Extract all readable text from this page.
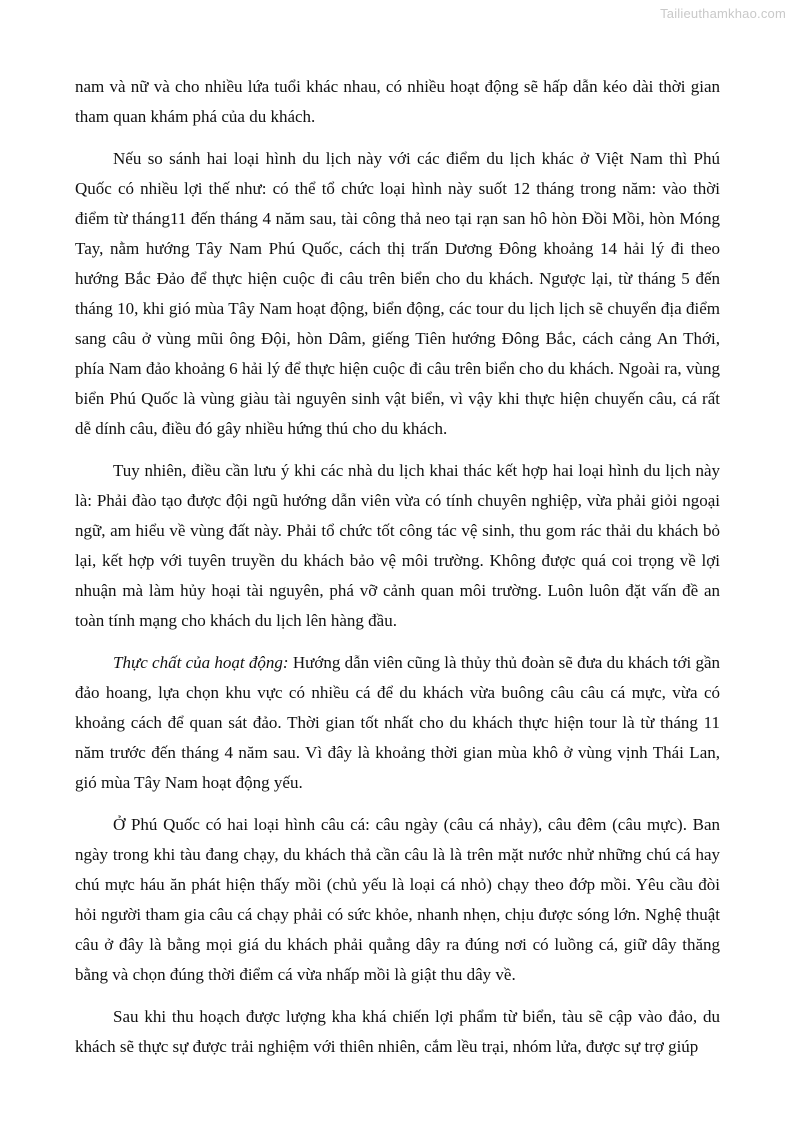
Tailieuthamkhao.com

nam và nữ và cho nhiều lứa tuổi khác nhau, có nhiều hoạt động sẽ hấp dẫn kéo dài thời gian tham quan khám phá của du khách.

Nếu so sánh hai loại hình du lịch này với các điểm du lịch khác ở Việt Nam thì Phú Quốc có nhiều lợi thế như: có thể tổ chức loại hình này suốt 12 tháng trong năm: vào thời điểm từ tháng11 đến tháng 4 năm sau, tài công thả neo tại rạn san hô hòn Đồi Mồi, hòn Móng Tay, nằm hướng Tây Nam Phú Quốc, cách thị trấn Dương Đông khoảng 14 hải lý đi theo hướng Bắc Đảo để thực hiện cuộc đi câu trên biển cho du khách. Ngược lại, từ tháng 5 đến tháng 10, khi gió mùa Tây Nam hoạt động, biển động, các tour du lịch lịch sẽ chuyển địa điểm sang câu ở vùng mũi ông Đội, hòn Dâm, giếng Tiên hướng Đông Bắc, cách cảng An Thới, phía Nam đảo khoảng 6 hải lý để thực hiện cuộc đi câu trên biển cho du khách. Ngoài ra, vùng biển Phú Quốc là vùng giàu tài nguyên sinh vật biển, vì vậy khi thực hiện chuyến câu, cá rất dễ dính câu, điều đó gây nhiều hứng thú cho du khách.

Tuy nhiên, điều cần lưu ý khi các nhà du lịch khai thác kết hợp hai loại hình du lịch này là: Phải đào tạo được đội ngũ hướng dẫn viên vừa có tính chuyên nghiệp, vừa phải giỏi ngoại ngữ, am hiểu về vùng đất này. Phải tổ chức tốt công tác vệ sinh, thu gom rác thải du khách bỏ lại, kết hợp với tuyên truyền du khách bảo vệ môi trường. Không được quá coi trọng về lợi nhuận mà làm hủy hoại tài nguyên, phá vỡ cảnh quan môi trường. Luôn luôn đặt vấn đề an toàn tính mạng cho khách du lịch lên hàng đầu.

Thực chất của hoạt động: Hướng dẫn viên cũng là thủy thủ đoàn sẽ đưa du khách tới gần đảo hoang, lựa chọn khu vực có nhiều cá để du khách vừa buông câu câu cá mực, vừa có khoảng cách để quan sát đảo. Thời gian tốt nhất cho du khách thực hiện tour là từ tháng 11 năm trước đến tháng 4 năm sau. Vì đây là khoảng thời gian mùa khô ở vùng vịnh Thái Lan, gió mùa Tây Nam hoạt động yếu.

Ở Phú Quốc có hai loại hình câu cá: câu ngày (câu cá nhảy), câu đêm (câu mực). Ban ngày trong khi tàu đang chạy, du khách thả cần câu là là trên mặt nước nhử những chú cá hay chú mực háu ăn phát hiện thấy mồi (chủ yếu là loại cá nhỏ) chạy theo đớp mồi. Yêu cầu đòi hỏi người tham gia câu cá chạy phải có sức khỏe, nhanh nhẹn, chịu được sóng lớn. Nghệ thuật câu ở đây là bằng mọi giá du khách phải quẳng dây ra đúng nơi có luồng cá, giữ dây thăng bằng và chọn đúng thời điểm cá vừa nhấp mồi là giật thu dây về.

Sau khi thu hoạch được lượng kha khá chiến lợi phẩm từ biển, tàu sẽ cập vào đảo, du khách sẽ thực sự được trải nghiệm với thiên nhiên, cắm lều trại, nhóm lửa, được sự trợ giúp
